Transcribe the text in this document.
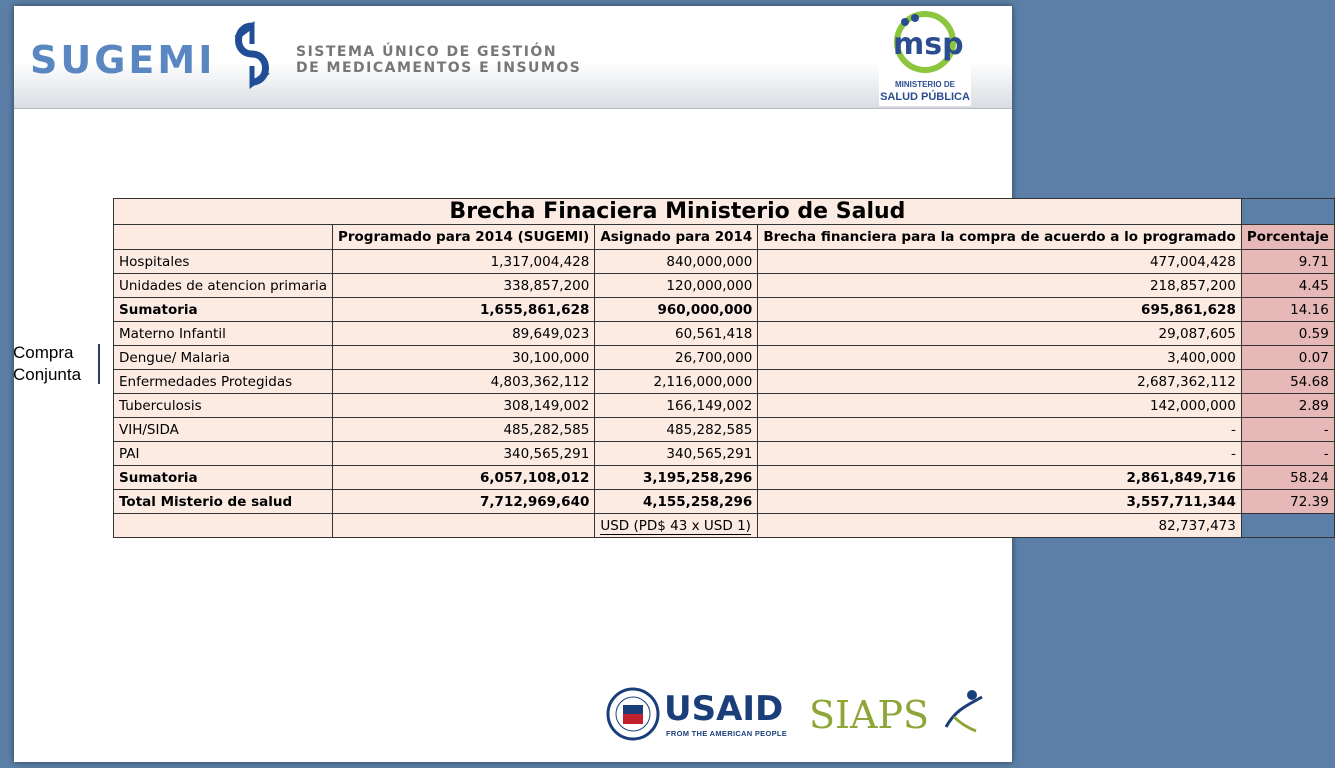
SUGEMI	SISTEMA ÚNICO DE GESTIÓN
DE MEDICAMENTOS E INSUMOS
msp
MINISTERIO DE
SALUD PÚBLICA
Compra
Conjunta
Brecha Finaciera Ministerio de Salud				
	Programado para 2014 (SUGEMI)	Asignado para 2014	Brecha financiera para la compra de acuerdo a lo programado	Porcentaje
Hospitales	1,317,004,428	840,000,000	477,004,428	9.71
Unidades de atencion primaria	338,857,200	120,000,000	218,857,200	4.45
Sumatoria	1,655,861,628	960,000,000	695,861,628	14.16
Materno Infantil	89,649,023	60,561,418	29,087,605	0.59
Dengue/ Malaria	30,100,000	26,700,000	3,400,000	0.07
Enfermedades Protegidas	4,803,362,112	2,116,000,000	2,687,362,112	54.68
Tuberculosis	308,149,002	166,149,002	142,000,000	2.89
VIH/SIDA	485,282,585	485,282,585	-	-
PAI	340,565,291	340,565,291	-	-
Sumatoria	6,057,108,012	3,195,258,296	2,861,849,716	58.24
Total Misterio de salud	7,712,969,640	4,155,258,296	3,557,711,344	72.39
		USD (PD$ 43 x USD 1)	82,737,473	
USAID
FROM THE AMERICAN PEOPLE SIAPS
